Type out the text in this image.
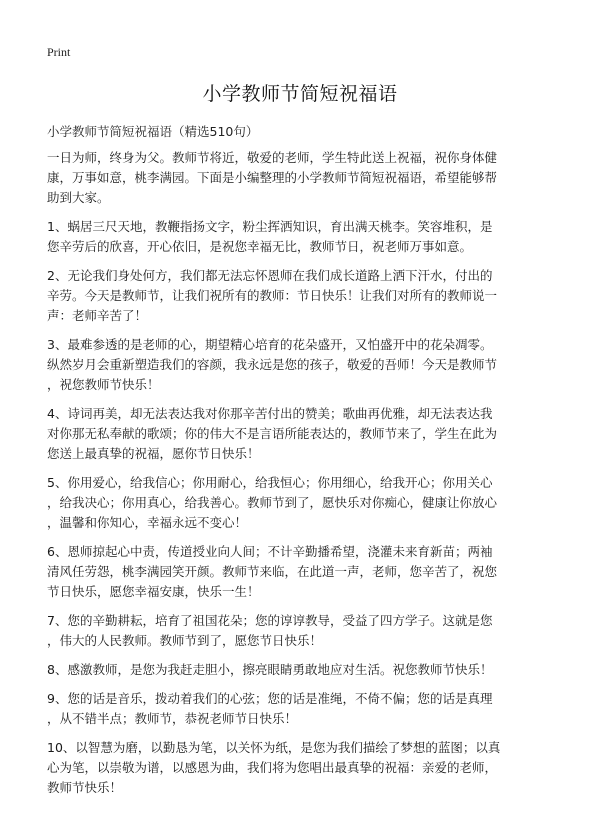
Print
小学教师节简短祝福语
小学教师节简短祝福语（精选510句）

一日为师，终身为父。教师节将近，敬爱的老师，学生特此送上祝福，祝你身体健
康，万事如意，桃李满园。下面是小编整理的小学教师节简短祝福语，希望能够帮
助到大家。

1、蜗居三尺天地，教鞭指扬文字，粉尘挥洒知识，育出满天桃李。笑容堆积，是
您辛劳后的欣喜，开心依旧，是祝您幸福无比，教师节日，祝老师万事如意。

2、无论我们身处何方，我们都无法忘怀恩师在我们成长道路上洒下汗水，付出的
辛劳。今天是教师节，让我们祝所有的教师：节日快乐！让我们对所有的教师说一
声：老师辛苦了！

3、最难参透的是老师的心，期望精心培育的花朵盛开，又怕盛开中的花朵凋零。
纵然岁月会重新塑造我们的容颜，我永远是您的孩子，敬爱的吾师！今天是教师节
，祝您教师节快乐！

4、诗词再美，却无法表达我对你那辛苦付出的赞美；歌曲再优雅，却无法表达我
对你那无私奉献的歌颂；你的伟大不是言语所能表达的，教师节来了，学生在此为
您送上最真挚的祝福，愿你节日快乐！

5、你用爱心，给我信心；你用耐心，给我恒心；你用细心，给我开心；你用关心
，给我决心；你用真心，给我善心。教师节到了，愿快乐对你痴心，健康让你放心
，温馨和你知心，幸福永远不变心！

6、恩师掠起心中责，传道授业向人间；不计辛勤播希望，浇灌未来育新苗；两袖
清风任劳怨，桃李满园笑开颜。教师节来临，在此道一声，老师，您辛苦了，祝您
节日快乐，愿您幸福安康，快乐一生！

7、您的辛勤耕耘，培育了祖国花朵；您的谆谆教导，受益了四方学子。这就是您
，伟大的人民教师。教师节到了，愿您节日快乐！

8、感激教师，是您为我赶走胆小，擦亮眼睛勇敢地应对生活。祝您教师节快乐！

9、您的话是音乐，拨动着我们的心弦；您的话是准绳，不倚不偏；您的话是真理
，从不错半点；教师节，恭祝老师节日快乐！

10、以智慧为磨，以勤恳为笔，以关怀为纸，是您为我们描绘了梦想的蓝图；以真
心为笔，以崇敬为谱，以感恩为曲，我们将为您唱出最真挚的祝福：亲爱的老师，
教师节快乐！
